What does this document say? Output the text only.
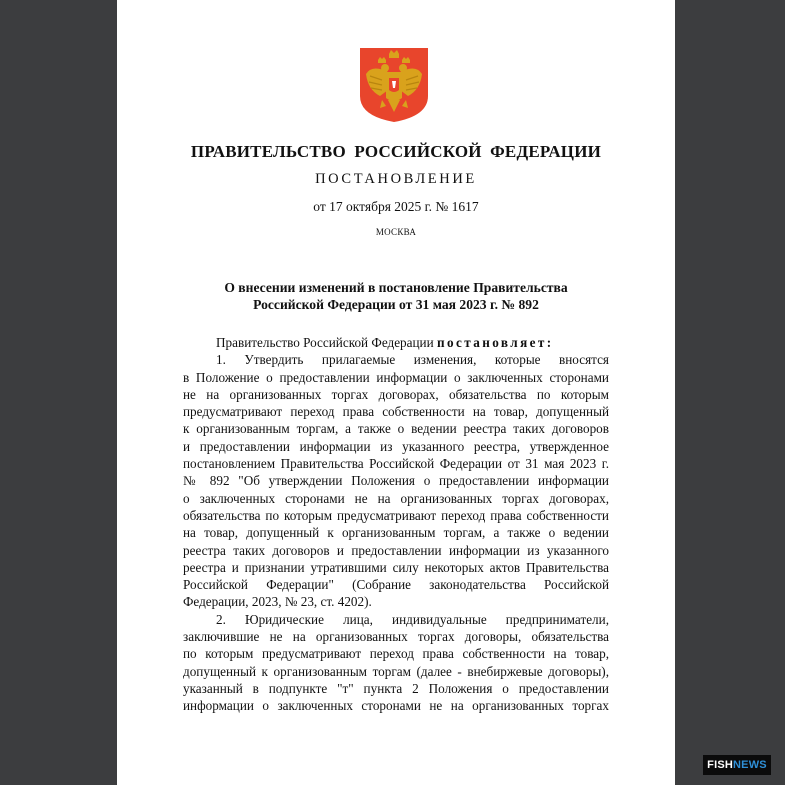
ПРАВИТЕЛЬСТВО РОССИЙСКОЙ ФЕДЕРАЦИИ
ПОСТАНОВЛЕНИЕ
от 17 октября 2025 г. № 1617
МОСКВА
О внесении изменений в постановление Правительства
Российской Федерации от 31 мая 2023 г. № 892
Правительство Российской Федерации постановляет:
1. Утвердить прилагаемые изменения, которые вносятся
в Положение о предоставлении информации о заключенных сторонами
не на организованных торгах договорах, обязательства по которым
предусматривают переход права собственности на товар, допущенный
к организованным торгам, а также о ведении реестра таких договоров
и предоставлении информации из указанного реестра, утвержденное
постановлением Правительства Российской Федерации от 31 мая 2023 г.
№ 892 "Об утверждении Положения о предоставлении информации
о заключенных сторонами не на организованных торгах договорах,
обязательства по которым предусматривают переход права собственности
на товар, допущенный к организованным торгам, а также о ведении
реестра таких договоров и предоставлении информации из указанного
реестра и признании утратившими силу некоторых актов Правительства
Российской Федерации" (Собрание законодательства Российской
Федерации, 2023, № 23, ст. 4202).
2. Юридические лица, индивидуальные предприниматели,
заключившие не на организованных торгах договоры, обязательства
по которым предусматривают переход права собственности на товар,
допущенный к организованным торгам (далее - внебиржевые договоры),
указанный в подпункте "т" пункта 2 Положения о предоставлении
информации о заключенных сторонами не на организованных торгах
FISHNEWS
